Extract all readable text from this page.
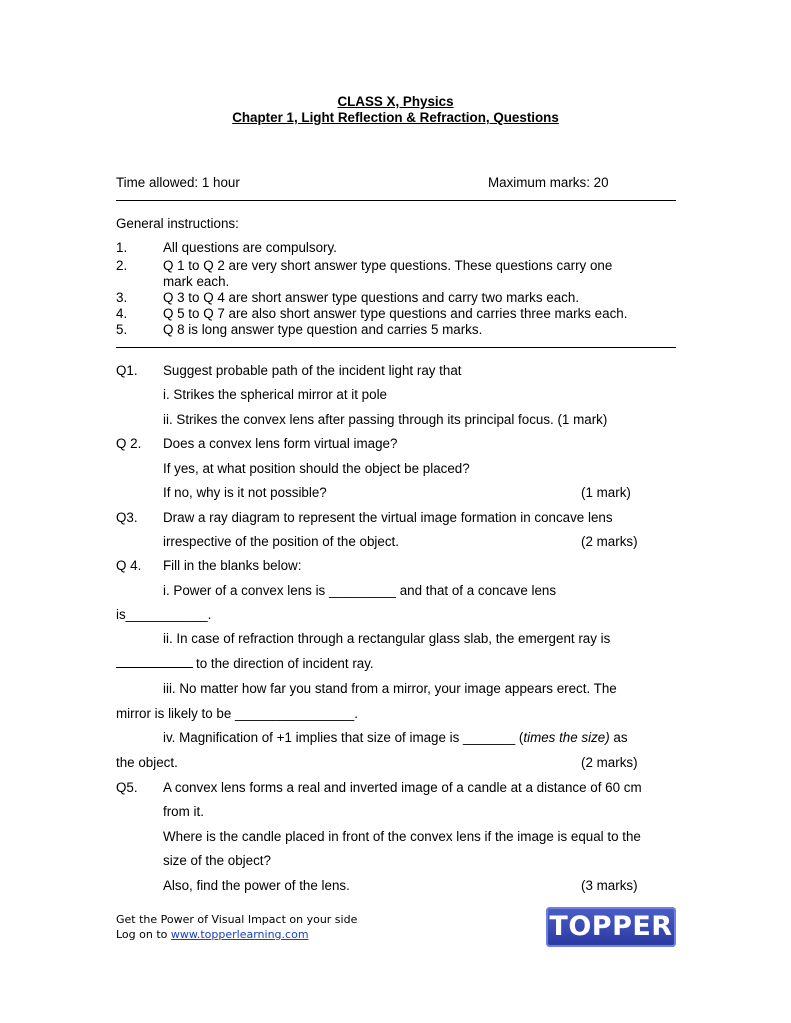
CLASS X, Physics
Chapter 1, Light Reflection & Refraction, Questions
Time allowed: 1 hour	Maximum marks: 20
General instructions:
1.	All questions are compulsory.
2.	Q 1 to Q 2 are very short answer type questions. These questions carry one
mark each.
3.	Q 3 to Q 4 are short answer type questions and carry two marks each.
4.	Q 5 to Q 7 are also short answer type questions and carries three marks each.
5.	Q 8 is long answer type question and carries 5 marks.
Q1. Suggest probable path of the incident light ray that
i. Strikes the spherical mirror at it pole
ii. Strikes the convex lens after passing through its principal focus. (1 mark)
Q 2. Does a convex lens form virtual image?
If yes, at what position should the object be placed?
If no, why is it not possible?	(1 mark)
Q3. Draw a ray diagram to represent the virtual image formation in concave lens
irrespective of the position of the object.	(2 marks)
Q 4. Fill in the blanks below:
i. Power of a convex lens is _________ and that of a concave lens
is___________.
ii. In case of refraction through a rectangular glass slab, the emergent ray is
to the direction of incident ray.
iii. No matter how far you stand from a mirror, your image appears erect. The
mirror is likely to be ________________.
iv. Magnification of +1 implies that size of image is _______ (times the size) as
the object.	(2 marks)
Q5. A convex lens forms a real and inverted image of a candle at a distance of 60 cm
from it.
Where is the candle placed in front of the convex lens if the image is equal to the
size of the object?
Also, find the power of the lens.	(3 marks)
Get the Power of Visual Impact on your side
Log on to www.topperlearning.com	TOPPER
